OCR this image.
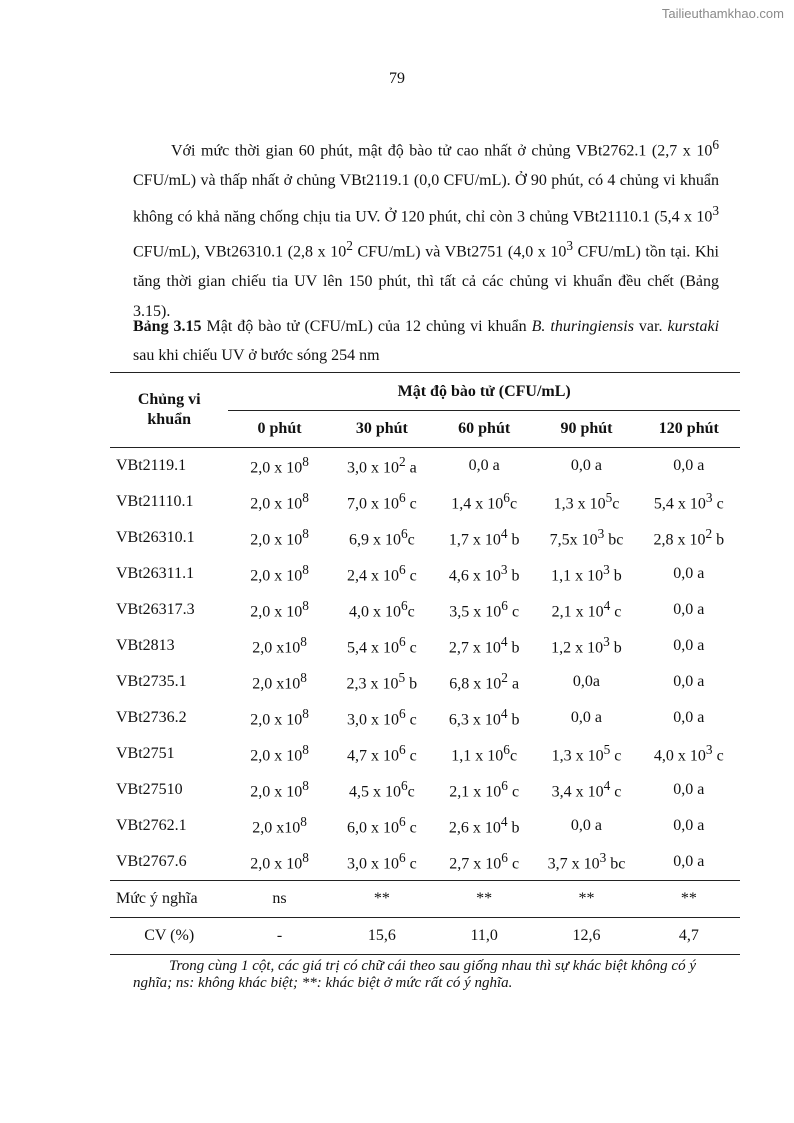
Tailieuthamkhao.com
79

Với mức thời gian 60 phút, mật độ bào tử cao nhất ở chủng VBt2762.1 (2,7 x $10^6$ CFU/mL) và thấp nhất ở chủng VBt2119.1 (0,0 CFU/mL). Ở 90 phút, có 4 chủng vi khuẩn không có khả năng chống chịu tia UV. Ở 120 phút, chỉ còn 3 chủng VBt21110.1 (5,4 x $10^3$ CFU/mL), VBt26310.1 (2,8 x $10^2$ CFU/mL) và VBt2751 (4,0 x $10^3$ CFU/mL) tồn tại. Khi tăng thời gian chiếu tia UV lên 150 phút, thì tất cả các chủng vi khuẩn đều chết (Bảng 3.15).

Bảng 3.15 Mật độ bào tử (CFU/mL) của 12 chủng vi khuẩn B. thuringiensis var. kurstaki sau khi chiếu UV ở bước sóng 254 nm
Chủng vi
khuẩn	Mật độ bào tử (CFU/mL)				
	0 phút	30 phút	60 phút	90 phút	120 phút
VBt2119.1	2,0 x $10^8$	3,0 x $10^2$ a	0,0 a	0,0 a	0,0 a
VBt21110.1	2,0 x $10^8$	7,0 x $10^6$ c	1,4 x $10^6c$	1,3 x $10^5c$	5,4 x $10^3$ c
VBt26310.1	2,0 x $10^8$	6,9 x $10^6c$	1,7 x $10^4$ b	7,5x $10^3$ bc	2,8 x $10^2$ b
VBt26311.1	2,0 x $10^8$	2,4 x $10^6$ c	4,6 x $10^3$ b	1,1 x $10^3$ b	0,0 a
VBt26317.3	2,0 x $10^8$	4,0 x $10^6c$	3,5 x $10^6$ c	2,1 x $10^4$ c	0,0 a
VBt2813	2,0 $x10^8$	5,4 x $10^6$ c	2,7 x $10^4$ b	1,2 x $10^3$ b	0,0 a
VBt2735.1	2,0 $x10^8$	2,3 x $10^5$ b	6,8 x $10^2$ a	0,0a	0,0 a
VBt2736.2	2,0 x $10^8$	3,0 x $10^6$ c	6,3 x $10^4$ b	0,0 a	0,0 a
VBt2751	2,0 x $10^8$	4,7 x $10^6$ c	1,1 x $10^6c$	1,3 x $10^5$ c	4,0 x $10^3$ c
VBt27510	2,0 x $10^8$	4,5 x $10^6c$	2,1 x $10^6$ c	3,4 x $10^4$ c	0,0 a
VBt2762.1	2,0 $x10^8$	6,0 x $10^6$ c	2,6 x $10^4$ b	0,0 a	0,0 a
VBt2767.6	2,0 x $10^8$	3,0 x $10^6$ c	2,7 x $10^6$ c	3,7 x $10^3$ bc	0,0 a
Mức ý nghĩa	ns	**	**	**	**
CV (%)	-	15,6	11,0	12,6	4,7

Trong cùng 1 cột, các giá trị có chữ cái theo sau giống nhau thì sự khác biệt không có ý nghĩa; ns: không khác biệt; **: khác biệt ở mức rất có ý nghĩa.
